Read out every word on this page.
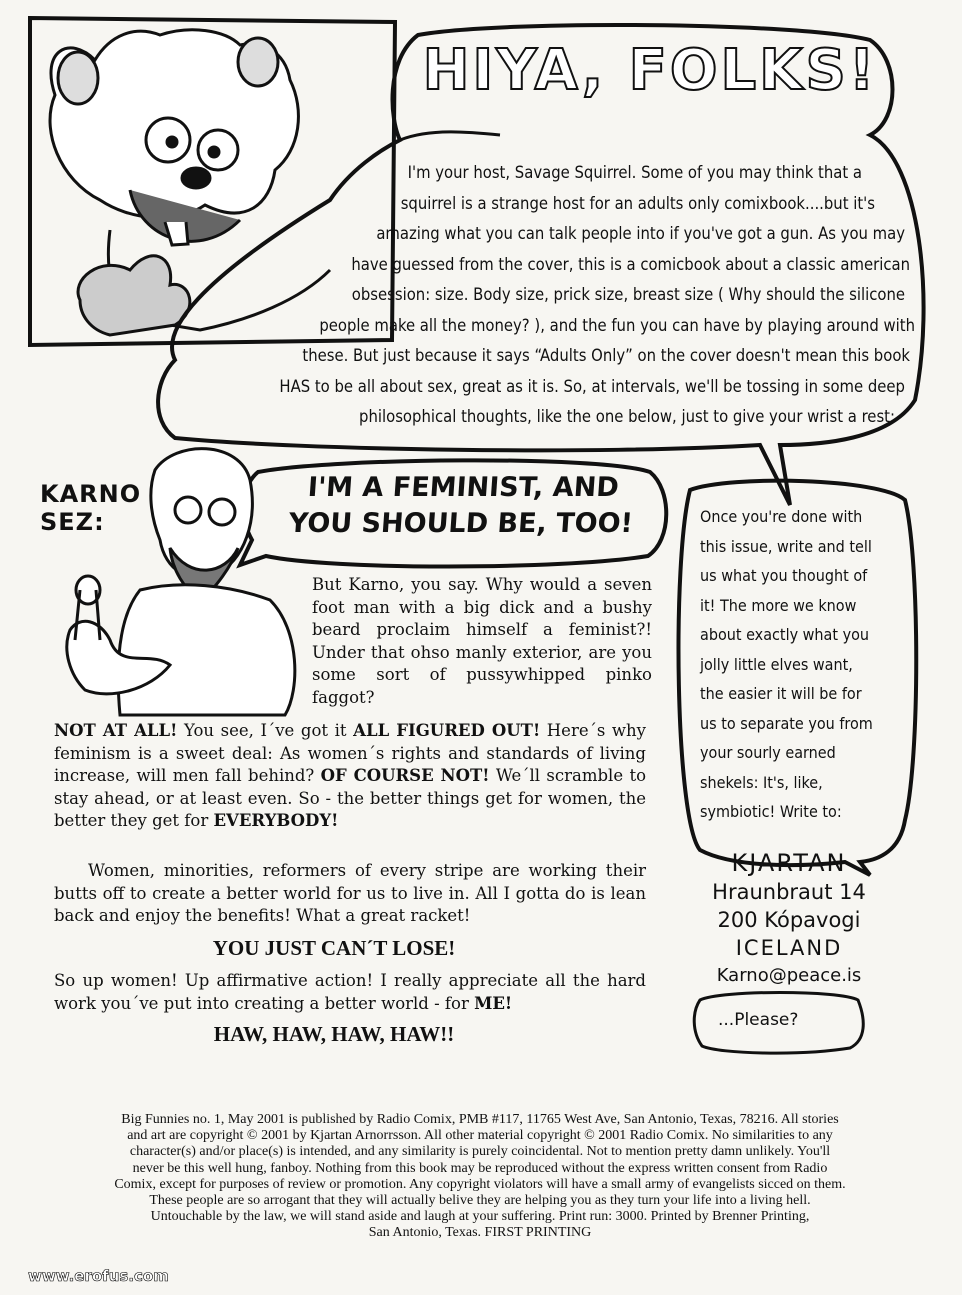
HIYA, FOLKS!
I'm your host, Savage Squirrel. Some of you may think that a
squirrel is a strange host for an adults only comixbook....but it's
amazing what you can talk people into if you've got a gun. As you may
have guessed from the cover, this is a comicbook about a classic american
obsession: size. Body size, prick size, breast size ( Why should the silicone
people make all the money? ), and the fun you can have by playing around with
these. But just because it says “Adults Only” on the cover doesn't mean this book
HAS to be all about sex, great as it is. So, at intervals, we'll be tossing in some deep
philosophical thoughts, like the one below, just to give your wrist a rest:
KARNO
SEZ:
I'M A FEMINIST, AND
YOU SHOULD BE, TOO!
But Karno, you say. Why would a seven foot man with a big dick and a bushy beard proclaim himself a feminist?! Under that ohso manly exterior, are you some sort of pussywhipped pinko faggot?
NOT AT ALL! You see, I´ve got it ALL FIGURED OUT! Here´s why feminism is a sweet deal: As women´s rights and standards of living increase, will men fall behind? OF COURSE NOT! We´ll scramble to stay ahead, or at least even. So - the better things get for women, the better they get for EVERYBODY!
Women, minorities, reformers of every stripe are working their butts off to create a better world for us to live in. All I gotta do is lean back and enjoy the benefits! What a great racket!
YOU JUST CAN´T LOSE!
So up women! Up affirmative action! I really appreciate all the hard work you´ve put into creating a better world - for ME!
HAW, HAW, HAW, HAW!!
Once you're done with
this issue, write and tell
us what you thought of
it! The more we know
about exactly what you
jolly little elves want,
the easier it will be for
us to separate you from
your sourly earned
shekels: It's, like,
symbiotic! Write to:
KJARTAN
Hraunbraut 14
200 Kópavogi
ICELAND
Karno@peace.is
...Please?
Big Funnies no. 1, May 2001 is published by Radio Comix, PMB #117, 11765 West Ave, San Antonio, Texas, 78216. All stories
and art are copyright © 2001 by Kjartan Arnorrsson. All other material copyright © 2001 Radio Comix. No similarities to any
character(s) and/or place(s) is intended, and any similarity is purely coincidental. Not to mention pretty damn unlikely. You'll
never be this well hung, fanboy. Nothing from this book may be reproduced without the express written consent from Radio
Comix, except for purposes of review or promotion. Any copyright violators will have a small army of evangelists sicced on them.
These people are so arrogant that they will actually belive they are helping you as they turn your life into a living hell.
Untouchable by the law, we will stand aside and laugh at your suffering. Print run: 3000. Printed by Brenner Printing,
San Antonio, Texas. FIRST PRINTING
www.erofus.com
